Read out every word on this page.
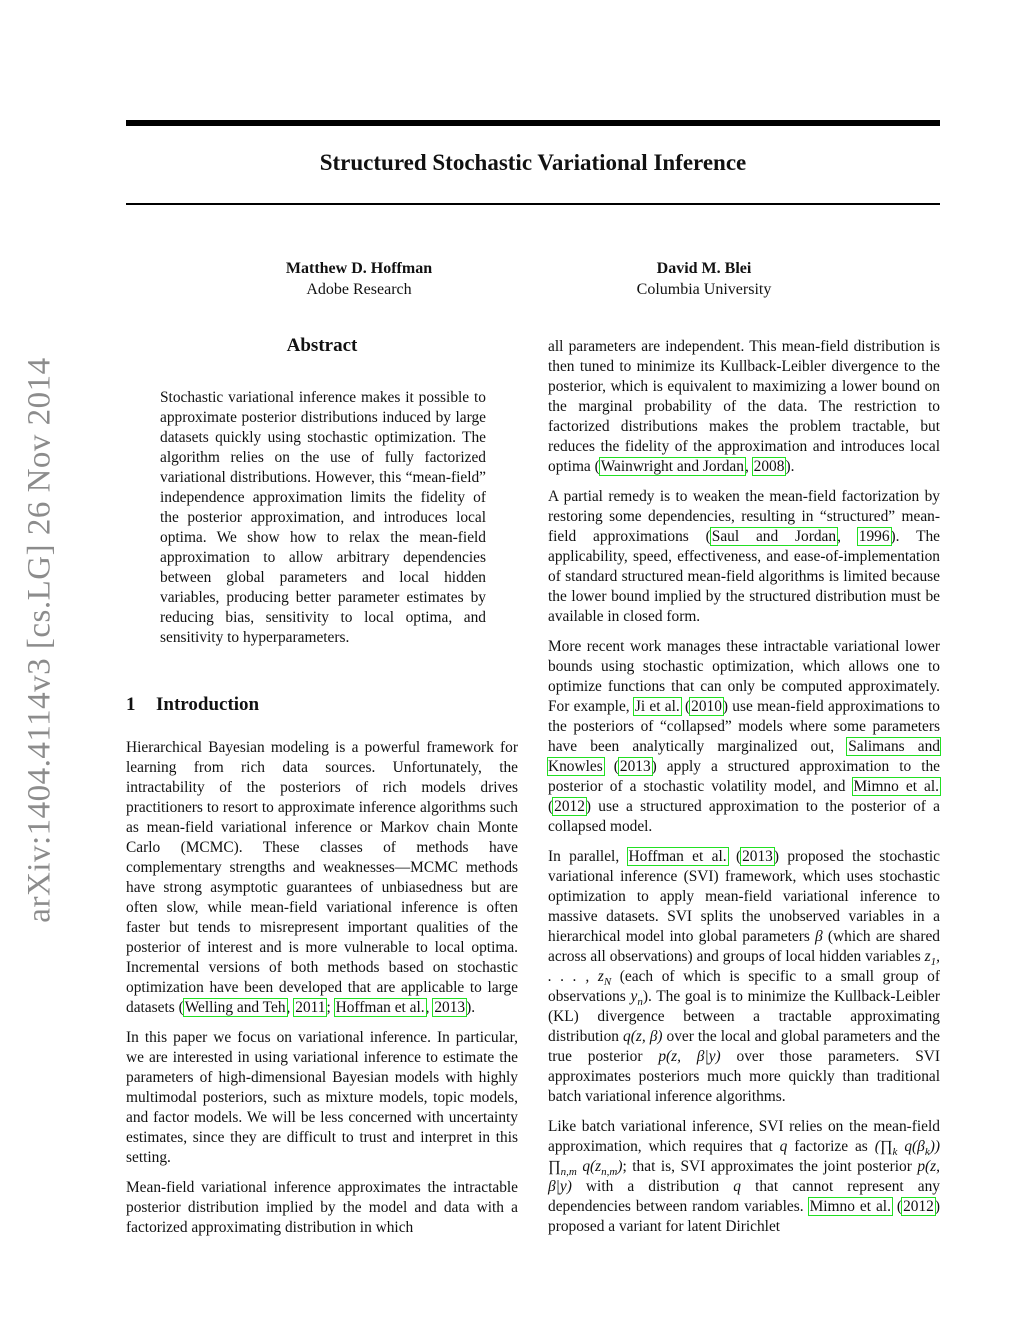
Structured Stochastic Variational Inference
Matthew D. Hoffman
Adobe Research
David M. Blei
Columbia University
arXiv:1404.4114v3 [cs.LG] 26 Nov 2014
Abstract
Stochastic variational inference makes it possible to approximate posterior distributions induced by large datasets quickly using stochastic optimization. The algorithm relies on the use of fully factorized variational distributions. However, this “mean-field” independence approximation limits the fidelity of the posterior approximation, and introduces local optima. We show how to relax the mean-field approximation to allow arbitrary dependencies between global parameters and local hidden variables, producing better parameter estimates by reducing bias, sensitivity to local optima, and sensitivity to hyperparameters.
1 Introduction

Hierarchical Bayesian modeling is a powerful framework for learning from rich data sources. Unfortunately, the intractability of the posteriors of rich models drives practitioners to resort to approximate inference algorithms such as mean-field variational inference or Markov chain Monte Carlo (MCMC). These classes of methods have complementary strengths and weaknesses—MCMC methods have strong asymptotic guarantees of unbiasedness but are often slow, while mean-field variational inference is often faster but tends to misrepresent important qualities of the posterior of interest and is more vulnerable to local optima. Incremental versions of both methods based on stochastic optimization have been developed that are applicable to large datasets (Welling and Teh, 2011; Hoffman et al., 2013).

In this paper we focus on variational inference. In particular, we are interested in using variational inference to estimate the parameters of high-dimensional Bayesian models with highly multimodal posteriors, such as mixture models, topic models, and factor models. We will be less concerned with uncertainty estimates, since they are difficult to trust and interpret in this setting.

Mean-field variational inference approximates the intractable posterior distribution implied by the model and data with a factorized approximating distribution in which

all parameters are independent. This mean-field distribution is then tuned to minimize its Kullback-Leibler divergence to the posterior, which is equivalent to maximizing a lower bound on the marginal probability of the data. The restriction to factorized distributions makes the problem tractable, but reduces the fidelity of the approximation and introduces local optima (Wainwright and Jordan, 2008).

A partial remedy is to weaken the mean-field factorization by restoring some dependencies, resulting in “structured” mean-field approximations (Saul and Jordan, 1996). The applicability, speed, effectiveness, and ease-of-implementation of standard structured mean-field algorithms is limited because the lower bound implied by the structured distribution must be available in closed form.

More recent work manages these intractable variational lower bounds using stochastic optimization, which allows one to optimize functions that can only be computed approximately. For example, Ji et al. (2010) use mean-field approximations to the posteriors of “collapsed” models where some parameters have been analytically marginalized out, Salimans and Knowles (2013) apply a structured approximation to the posterior of a stochastic volatility model, and Mimno et al. (2012) use a structured approximation to the posterior of a collapsed model.

In parallel, Hoffman et al. (2013) proposed the stochastic variational inference (SVI) framework, which uses stochastic optimization to apply mean-field variational inference to massive datasets. SVI splits the unobserved variables in a hierarchical model into global parameters β (which are shared across all observations) and groups of local hidden variables $z_1$, . . . , $z_N$ (each of which is specific to a small group of observations $y_n$). The goal is to minimize the Kullback-Leibler (KL) divergence between a tractable approximating distribution q(z, β) over the local and global parameters and the true posterior p(z, β|y) over those parameters. SVI approximates posteriors much more quickly than traditional batch variational inference algorithms.

Like batch variational inference, SVI relies on the mean-field approximation, which requires that q factorize as ($\prod_k$ $q(\beta_k)$) $\prod_{n,m}$ $q(z_{n,m})$; that is, SVI approximates the joint posterior p(z, β|y) with a distribution q that cannot represent any dependencies between random variables. Mimno et al. (2012) proposed a variant for latent Dirichlet
